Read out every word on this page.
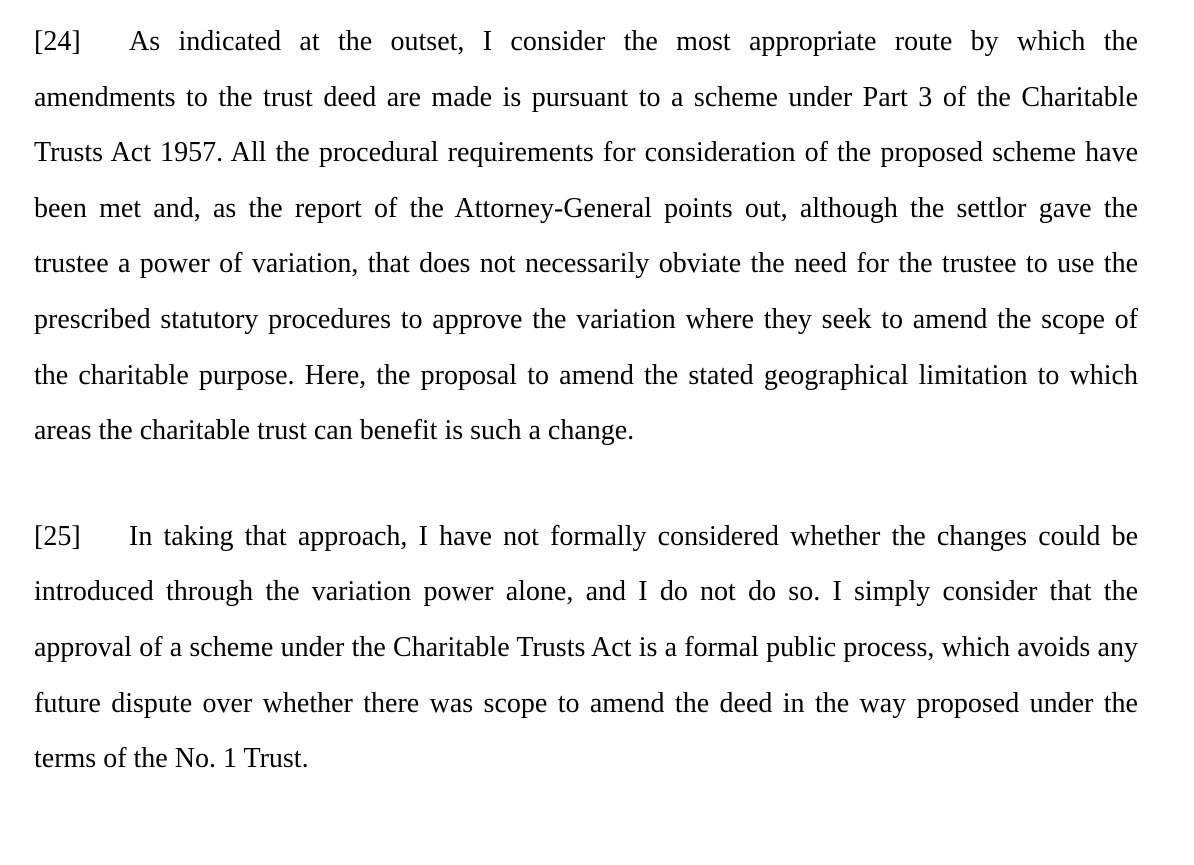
[24] As indicated at the outset, I consider the most appropriate route by which the amendments to the trust deed are made is pursuant to a scheme under Part 3 of the Charitable Trusts Act 1957. All the procedural requirements for consideration of the proposed scheme have been met and, as the report of the Attorney-General points out, although the settlor gave the trustee a power of variation, that does not necessarily obviate the need for the trustee to use the prescribed statutory procedures to approve the variation where they seek to amend the scope of the charitable purpose. Here, the proposal to amend the stated geographical limitation to which areas the charitable trust can benefit is such a change.

[25] In taking that approach, I have not formally considered whether the changes could be introduced through the variation power alone, and I do not do so. I simply consider that the approval of a scheme under the Charitable Trusts Act is a formal public process, which avoids any future dispute over whether there was scope to amend the deed in the way proposed under the terms of the No. 1 Trust.
